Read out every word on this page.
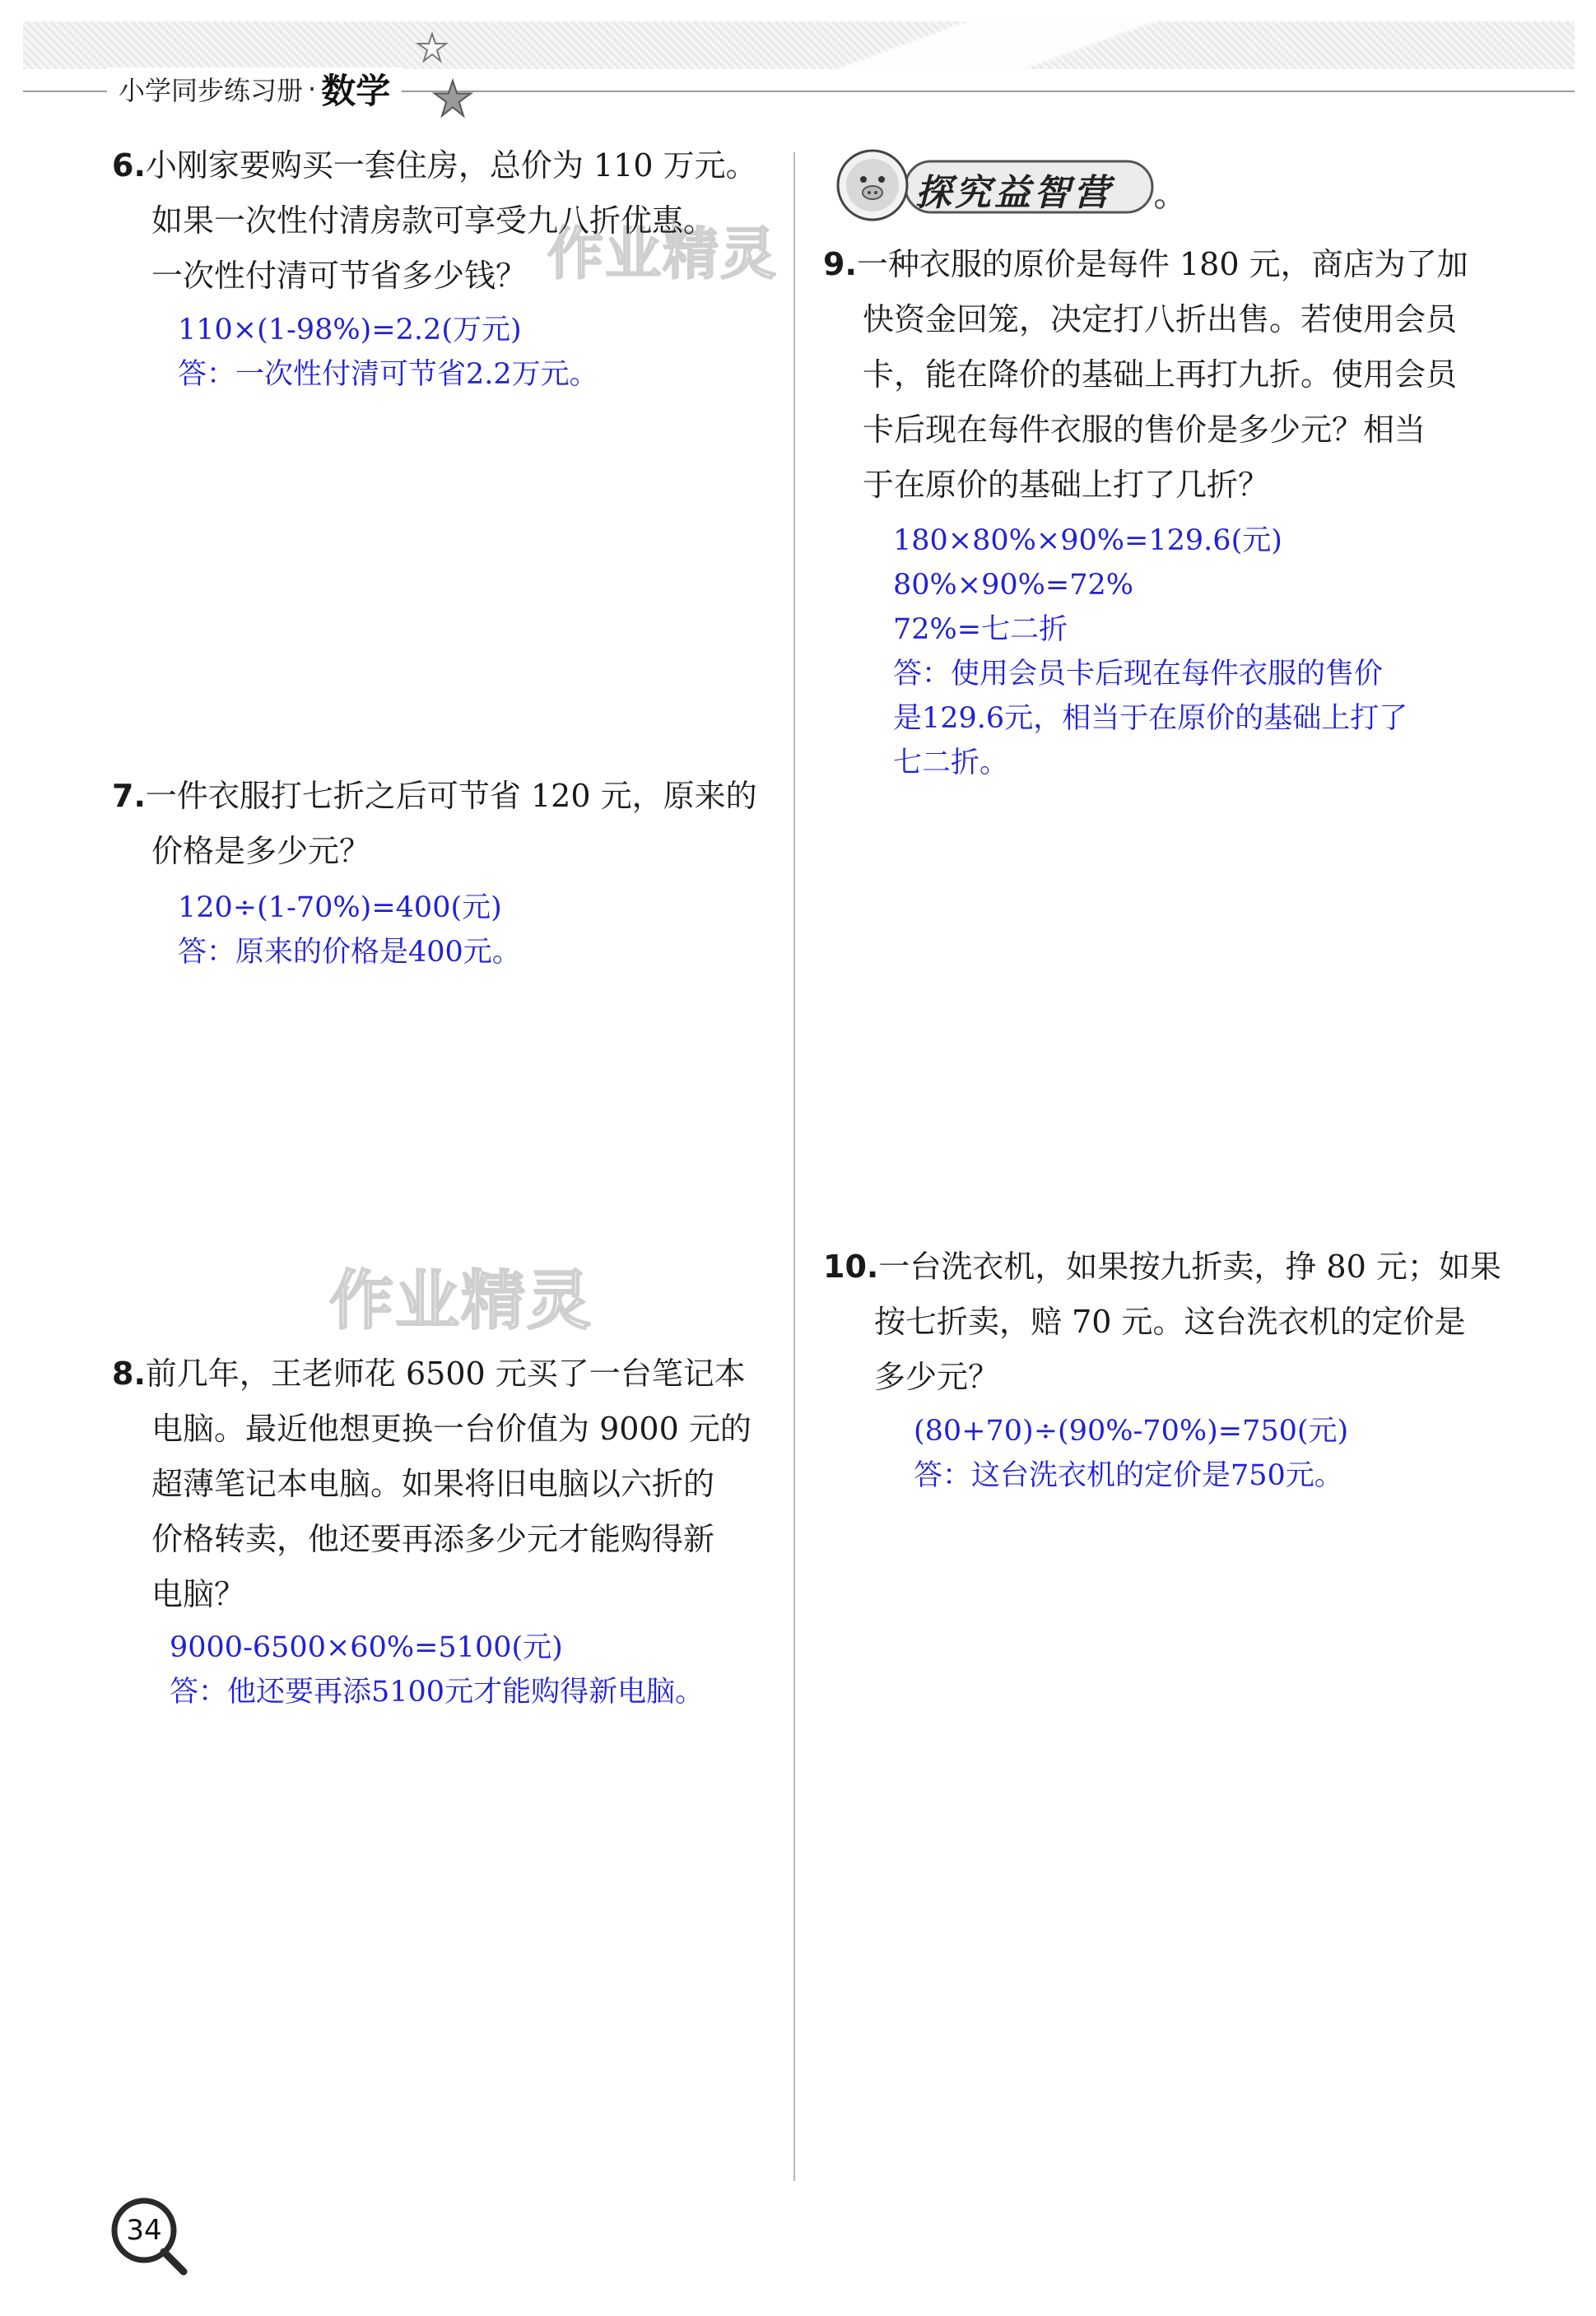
小学同步练习册 · 数学
探究益智营
作业精灵
作业精灵
6.小刚家要购买一套住房，总价为 110 万元。
如果一次性付清房款可享受九八折优惠。
一次性付清可节省多少钱？
110×(1-98%)=2.2(万元)
答：一次性付清可节省2.2万元。
7.一件衣服打七折之后可节省 120 元，原来的
价格是多少元？
120÷(1-70%)=400(元)
答：原来的价格是400元。
8.前几年，王老师花 6500 元买了一台笔记本
电脑。最近他想更换一台价值为 9000 元的
超薄笔记本电脑。如果将旧电脑以六折的
价格转卖，他还要再添多少元才能购得新
电脑？
9000-6500×60%=5100(元)
答：他还要再添5100元才能购得新电脑。
9.一种衣服的原价是每件 180 元，商店为了加
快资金回笼，决定打八折出售。若使用会员
卡，能在降价的基础上再打九折。使用会员
卡后现在每件衣服的售价是多少元？相当
于在原价的基础上打了几折？
180×80%×90%=129.6(元)
80%×90%=72%
72%=七二折
答：使用会员卡后现在每件衣服的售价
是129.6元，相当于在原价的基础上打了
七二折。
10.一台洗衣机，如果按九折卖，挣 80 元；如果
按七折卖，赔 70 元。这台洗衣机的定价是
多少元？
(80+70)÷(90%-70%)=750(元)
答：这台洗衣机的定价是750元。
34
